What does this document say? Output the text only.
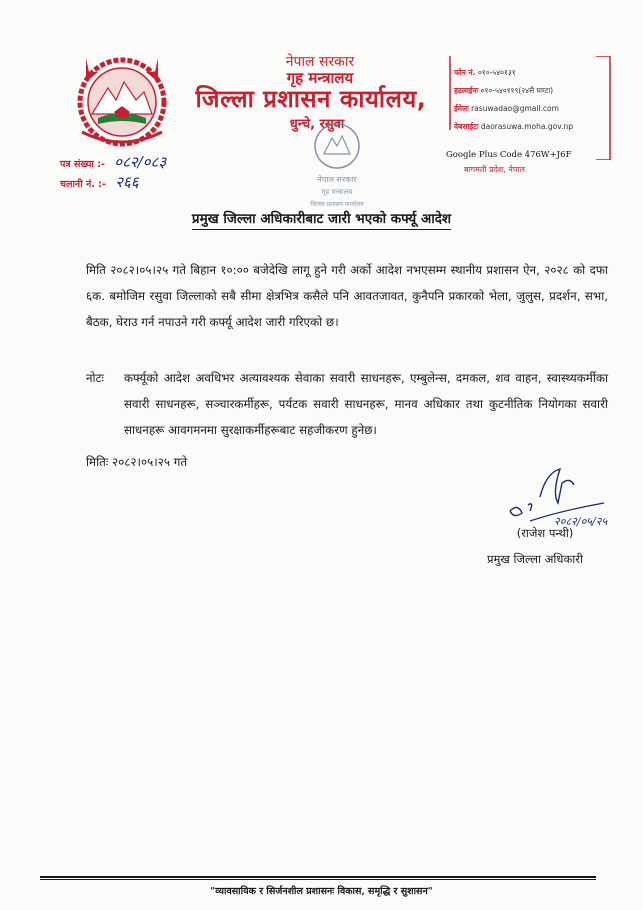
नेपाल सरकार
गृह मन्त्रालय
जिल्ला प्रशासन कार्यालय,
धुन्चे, रसुवा
नेपाल सरकार
गृह मन्त्रालय
जिल्ला प्रशासन कार्यालय
फोन नं. ०१०-५४०१३१
हटलाईनः ०१०-५४०११९(२४सै घण्टा)
ईमेलः rasuwadao@gmail.com
वेबसाईटः daorasuwa.moha.gov.np
Google Plus Code 476W+J6F
बागमती प्रदेश, नेपाल
पत्र संख्या :- ०८२/०८३
चलानी नं. :- २६६
प्रमुख जिल्ला अधिकारीबाट जारी भएको कर्फ्यू आदेश

मिति २०८२।०५।२५ गते बिहान १०:०० बजेदेखि लागू हुने गरी अर्को आदेश नभएसम्म स्थानीय प्रशासन ऐन, २०२८ को दफा ६क. बमोजिम रसुवा जिल्लाको सबै सीमा क्षेत्रभित्र कसैले पनि आवतजावत, कुनैपनि प्रकारको भेला, जुलुस, प्रदर्शन, सभा, बैठक, घेराउ गर्न नपाउने गरी कर्फ्यू आदेश जारी गरिएको छ।

नोटः कर्फ्यूको आदेश अवधिभर अत्यावश्यक सेवाका सवारी साधनहरू, एम्बुलेन्स, दमकल, शव वाहन, स्वास्थ्यकर्मीका सवारी साधनहरू, सञ्चारकर्मीहरू, पर्यटक सवारी साधनहरू, मानव अधिकार तथा कुटनीतिक नियोगका सवारी साधनहरू आवगमनमा सुरक्षाकर्मीहरूबाट सहजीकरण हुनेछ।
मितिः २०८२।०५।२५ गते
२०८२/०५/२५
(राजेश पन्थी)
प्रमुख जिल्ला अधिकारी
"व्यावसायिक र सिर्जनशील प्रशासनः विकास, समृद्धि र सुशासन"
